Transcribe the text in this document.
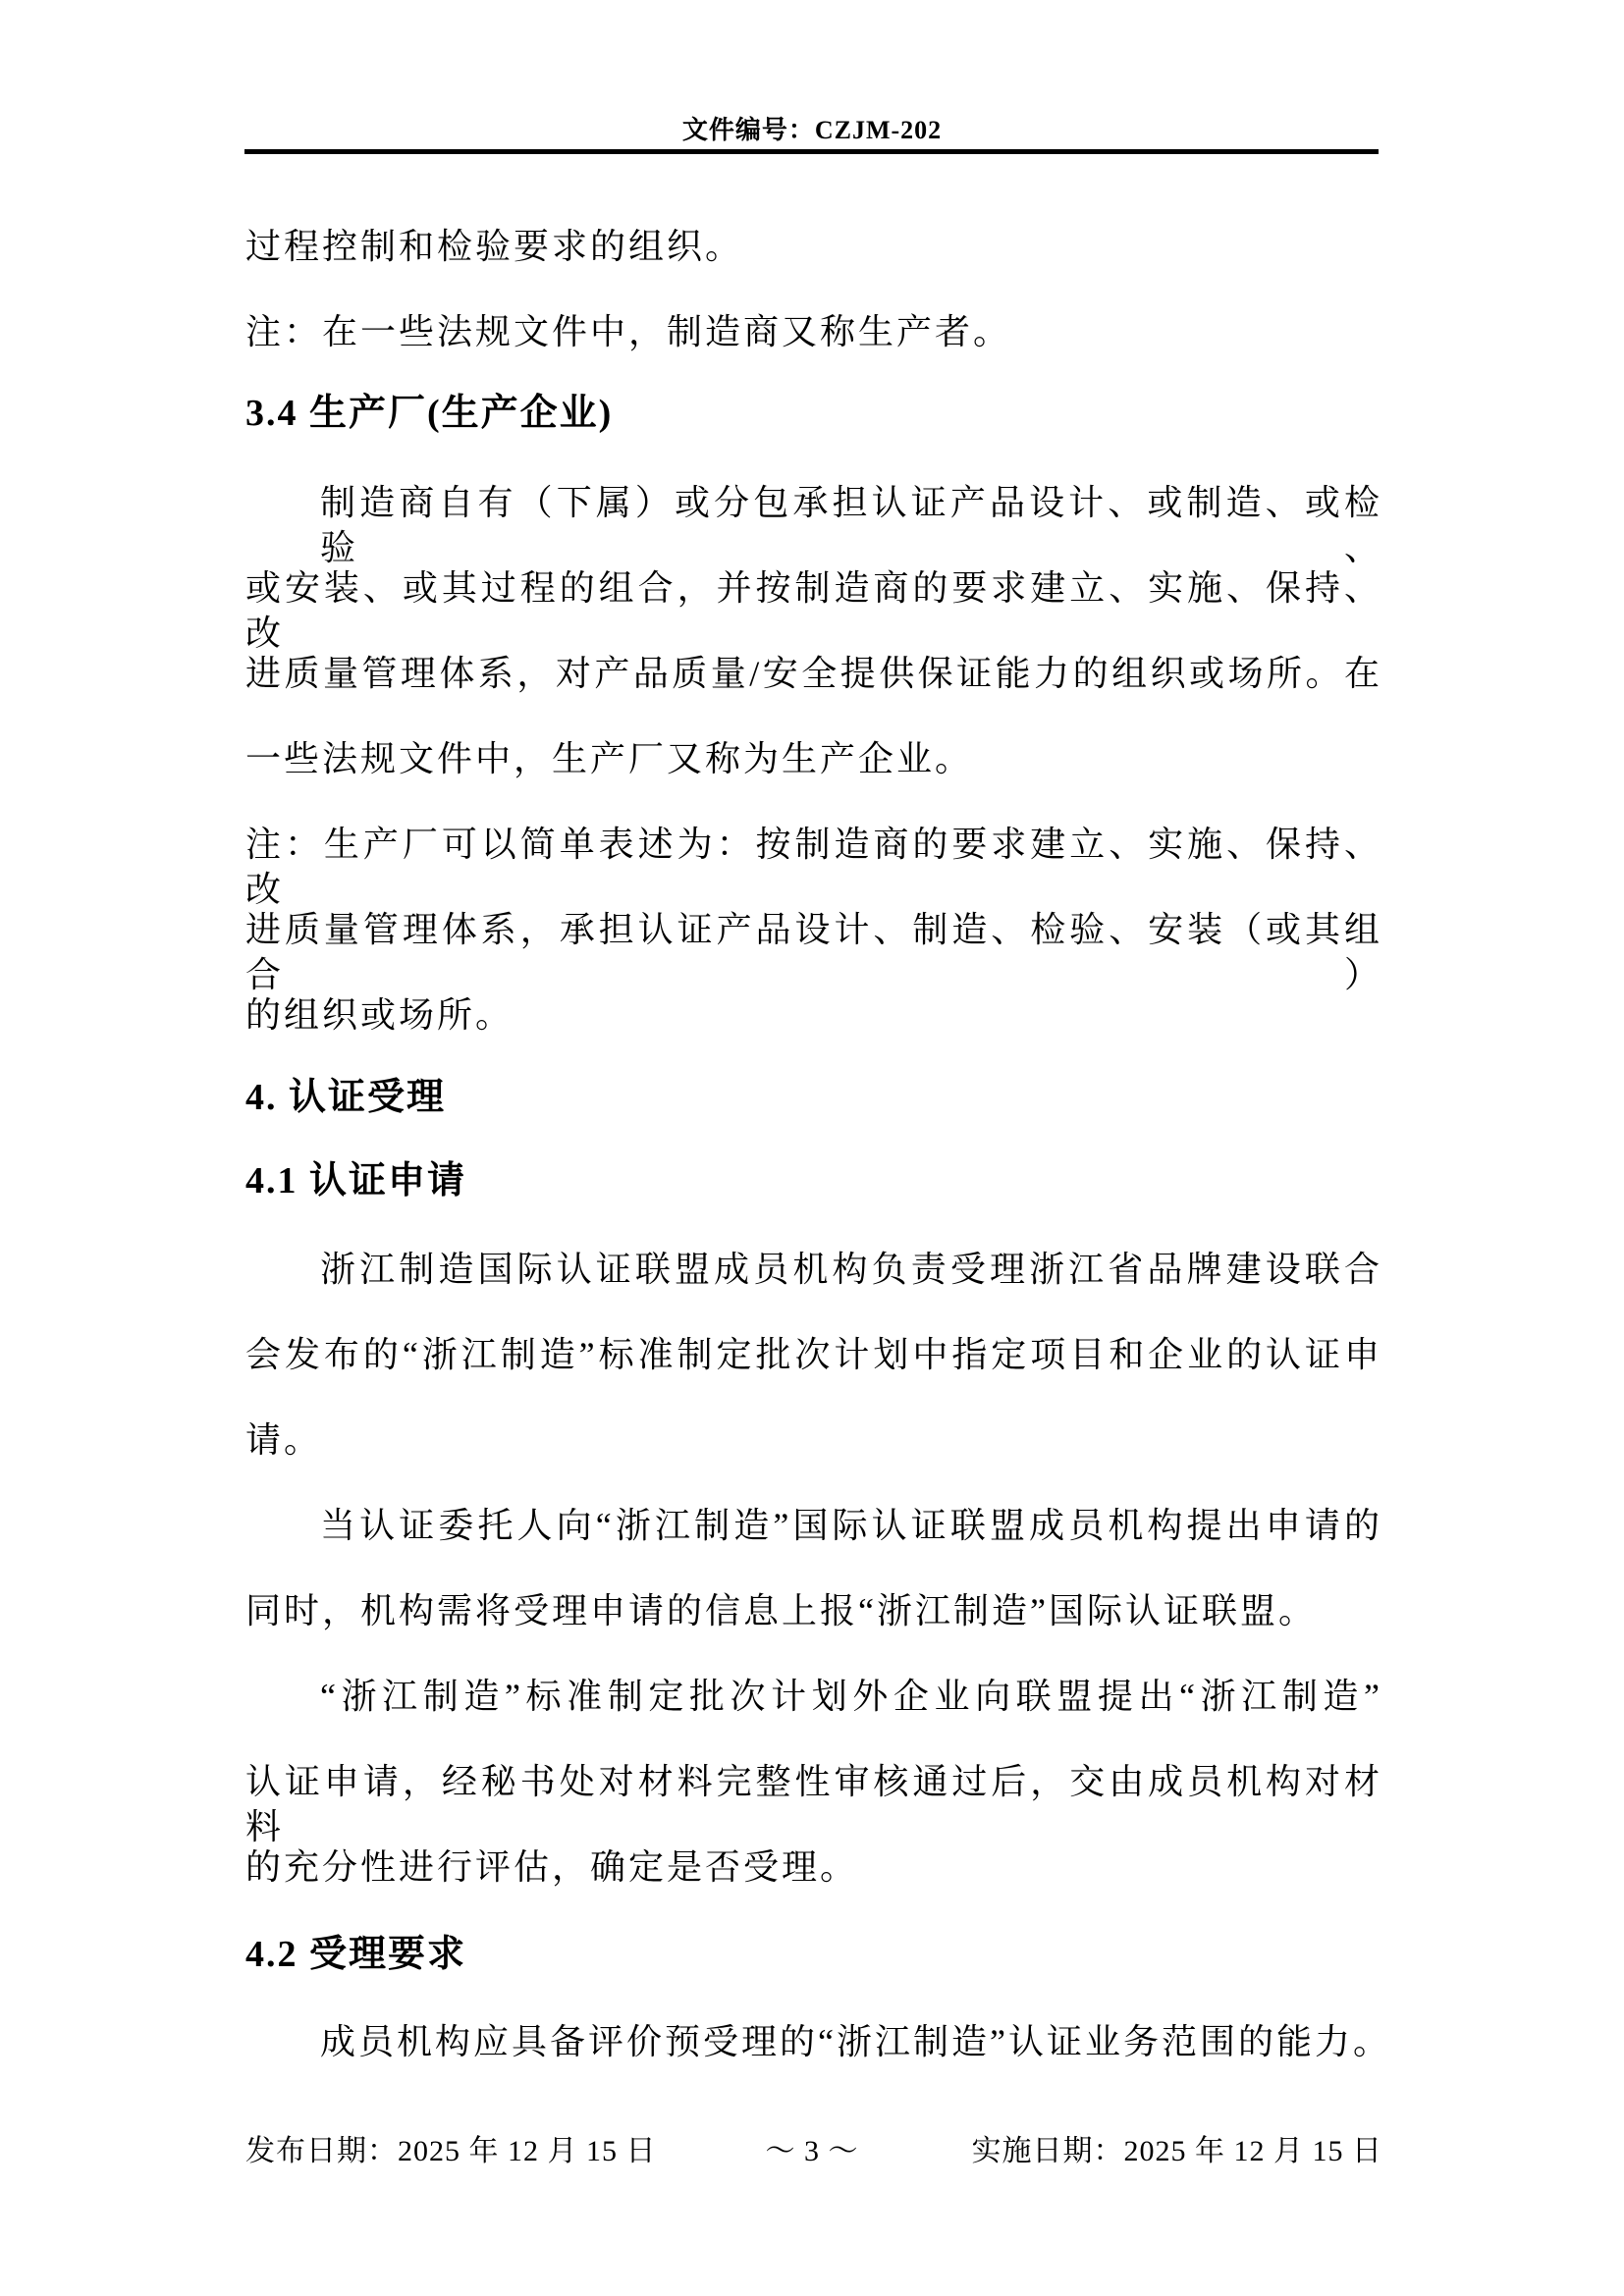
文件编号：CZJM-202
过程控制和检验要求的组织。
注：在一些法规文件中，制造商又称生产者。
3.4 生产厂(生产企业)
制造商自有（下属）或分包承担认证产品设计、或制造、或检验、
或安装、或其过程的组合，并按制造商的要求建立、实施、保持、改
进质量管理体系，对产品质量/安全提供保证能力的组织或场所。在
一些法规文件中，生产厂又称为生产企业。
注：生产厂可以简单表述为：按制造商的要求建立、实施、保持、改
进质量管理体系，承担认证产品设计、制造、检验、安装（或其组合）
的组织或场所。
4. 认证受理
4.1 认证申请
浙江制造国际认证联盟成员机构负责受理浙江省品牌建设联合
会发布的“浙江制造”标准制定批次计划中指定项目和企业的认证申
请。
当认证委托人向“浙江制造”国际认证联盟成员机构提出申请的
同时，机构需将受理申请的信息上报“浙江制造”国际认证联盟。
“浙江制造”标准制定批次计划外企业向联盟提出“浙江制造”
认证申请，经秘书处对材料完整性审核通过后，交由成员机构对材料
的充分性进行评估，确定是否受理。
4.2 受理要求
成员机构应具备评价预受理的“浙江制造”认证业务范围的能力。
发布日期：2025 年 12 月 15 日	～ 3 ～	实施日期：2025 年 12 月 15 日
